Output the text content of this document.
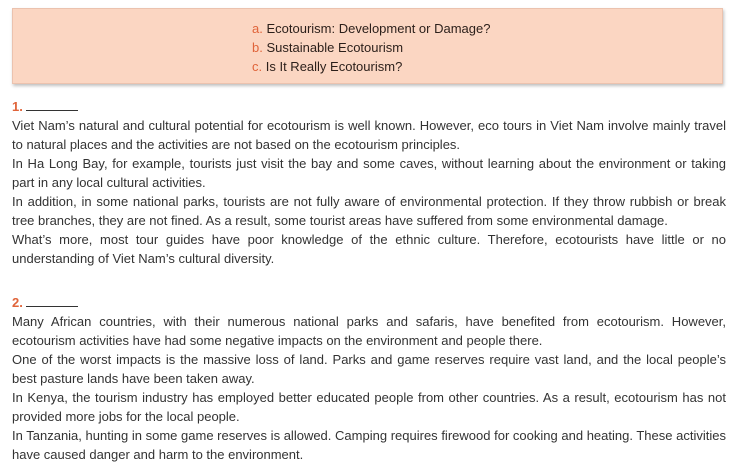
a. Ecotourism: Development or Damage?
b. Sustainable Ecotourism
c. Is It Really Ecotourism?
1.

Viet Nam’s natural and cultural potential for ecotourism is well known. However, eco tours in Viet Nam involve mainly travel to natural places and the activities are not based on the ecotourism principles.

In Ha Long Bay, for example, tourists just visit the bay and some caves, without learning about the environment or taking part in any local cultural activities.

In addition, in some national parks, tourists are not fully aware of environmental protection. If they throw rubbish or break tree branches, they are not fined. As a result, some tourist areas have suffered from some environmental damage.

What’s more, most tour guides have poor knowledge of the ethnic culture. Therefore, ecotourists have little or no understanding of Viet Nam’s cultural diversity.

2.

Many African countries, with their numerous national parks and safaris, have benefited from ecotourism. However, ecotourism activities have had some negative impacts on the environment and people there.

One of the worst impacts is the massive loss of land. Parks and game reserves require vast land, and the local people’s best pasture lands have been taken away.

In Kenya, the tourism industry has employed better educated people from other countries. As a result, ecotourism has not provided more jobs for the local people.

In Tanzania, hunting in some game reserves is allowed. Camping requires firewood for cooking and heating. These activities have caused danger and harm to the environment.
